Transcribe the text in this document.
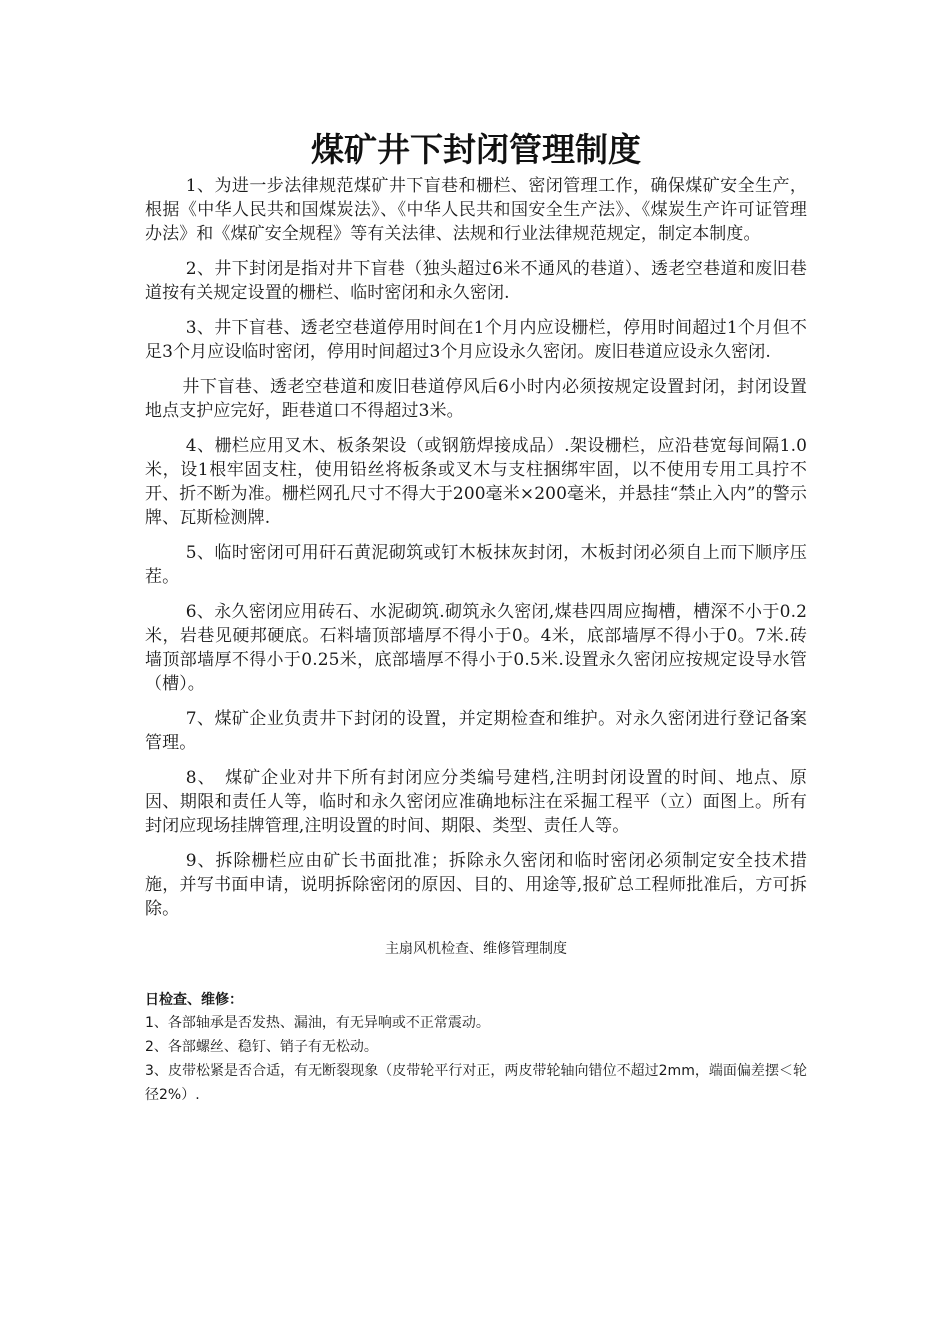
煤矿井下封闭管理制度

1、为进一步法律规范煤矿井下盲巷和栅栏、密闭管理工作，确保煤矿安全生产，根据《中华人民共和国煤炭法》、《中华人民共和国安全生产法》、《煤炭生产许可证管理办法》和《煤矿安全规程》等有关法律、法规和行业法律规范规定，制定本制度。

2、井下封闭是指对井下盲巷（独头超过6米不通风的巷道）、透老空巷道和废旧巷道按有关规定设置的栅栏、临时密闭和永久密闭.

3、井下盲巷、透老空巷道停用时间在1个月内应设栅栏，停用时间超过1个月但不足3个月应设临时密闭，停用时间超过3个月应设永久密闭。废旧巷道应设永久密闭.

井下盲巷、透老空巷道和废旧巷道停风后6小时内必须按规定设置封闭，封闭设置地点支护应完好，距巷道口不得超过3米。

4、栅栏应用叉木、板条架设（或钢筋焊接成品）.架设栅栏，应沿巷宽每间隔1.0米，设1根牢固支柱，使用铅丝将板条或叉木与支柱捆绑牢固，以不使用专用工具拧不开、折不断为准。栅栏网孔尺寸不得大于200毫米×200毫米，并悬挂“禁止入内”的警示牌、瓦斯检测牌.

5、临时密闭可用矸石黄泥砌筑或钉木板抹灰封闭，木板封闭必须自上而下顺序压茬。

6、永久密闭应用砖石、水泥砌筑.砌筑永久密闭,煤巷四周应掏槽，槽深不小于0.2米，岩巷见硬邦硬底。石料墙顶部墙厚不得小于0。4米，底部墙厚不得小于0。7米.砖墙顶部墙厚不得小于0.25米，底部墙厚不得小于0.5米.设置永久密闭应按规定设导水管（槽）。

7、煤矿企业负责井下封闭的设置，并定期检查和维护。对永久密闭进行登记备案管理。

8、　煤矿企业对井下所有封闭应分类编号建档,注明封闭设置的时间、地点、原因、期限和责任人等，临时和永久密闭应准确地标注在采掘工程平（立）面图上。所有封闭应现场挂牌管理,注明设置的时间、期限、类型、责任人等。

9、拆除栅栏应由矿长书面批准；拆除永久密闭和临时密闭必须制定安全技术措施，并写书面申请，说明拆除密闭的原因、目的、用途等,报矿总工程师批准后，方可拆除。

主扇风机检查、维修管理制度
日检查、维修：
1、各部轴承是否发热、漏油，有无异响或不正常震动。
2、各部螺丝、稳钉、销子有无松动。
3、皮带松紧是否合适，有无断裂现象（皮带轮平行对正，两皮带轮轴向错位不超过2mm，端面偏差摆＜轮径2%）.
